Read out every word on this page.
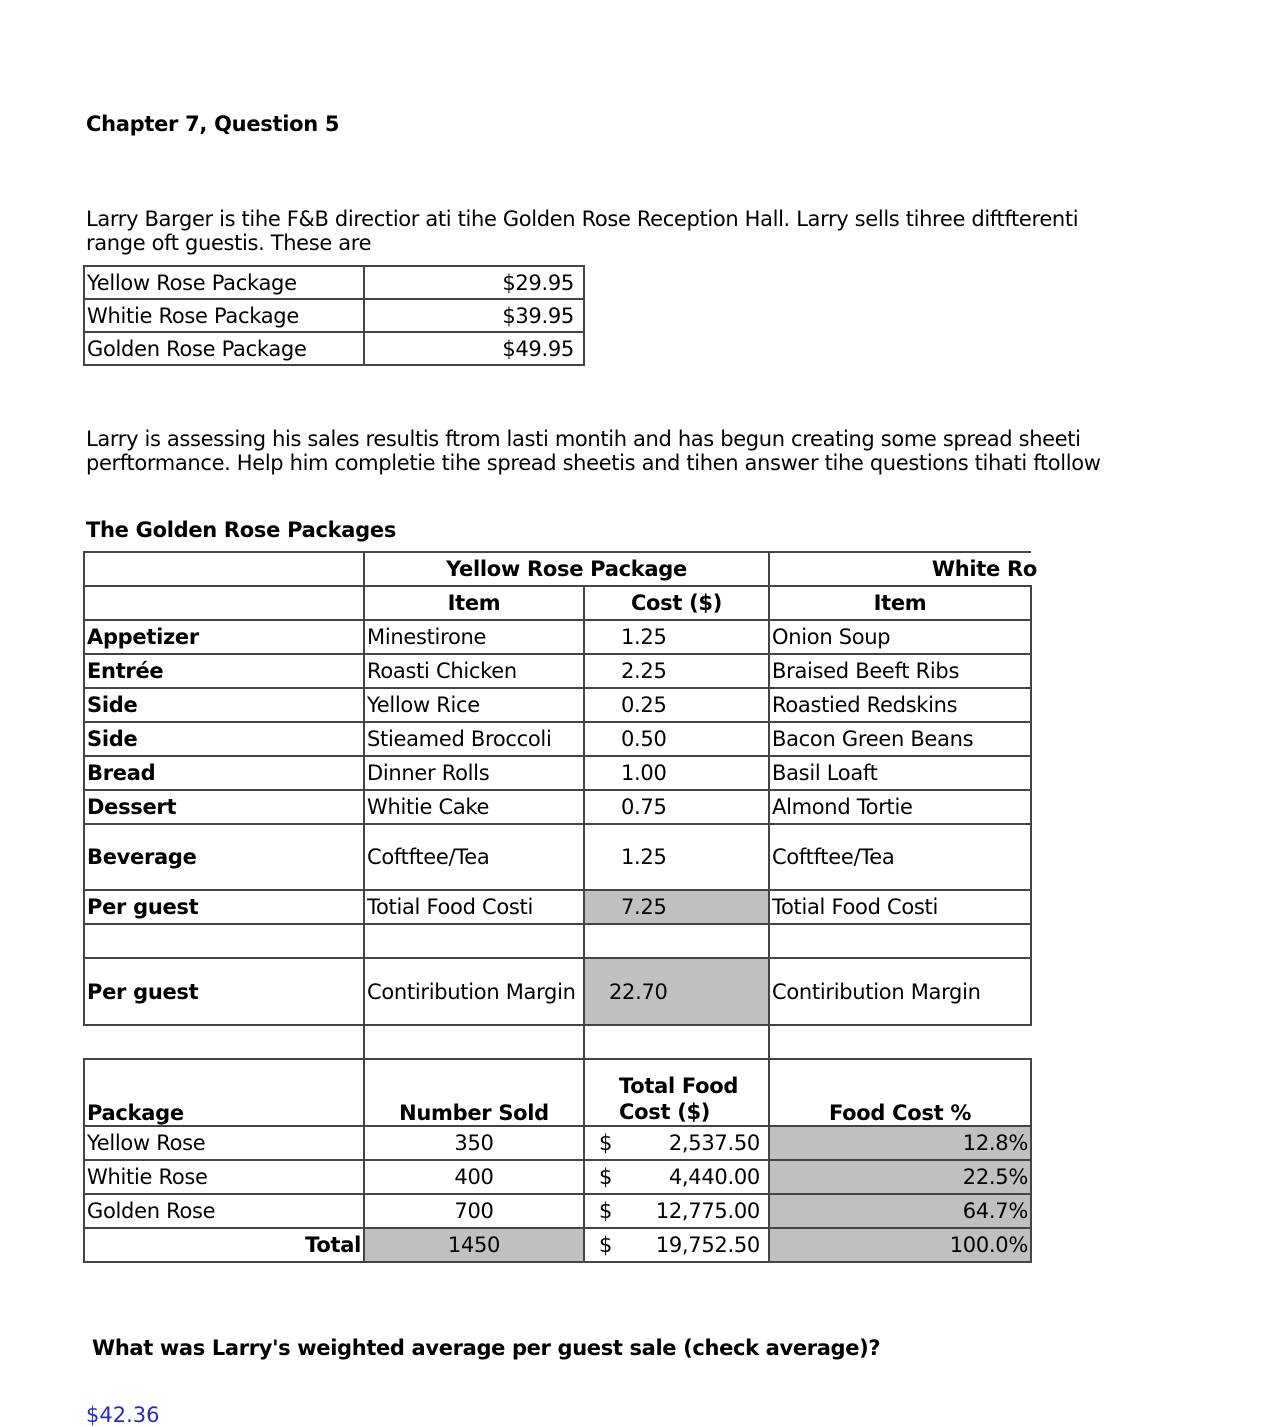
Chapter 7, Question 5
Larry Barger is tihe F&B directior ati tihe Golden Rose Reception Hall. Larry sells tihree diftfterenti
range oft guestis. These are
Yellow Rose Package	$29.95
Whitie Rose Package	$39.95
Golden Rose Package	$49.95
Larry is assessing his sales resultis ftrom lasti montih and has begun creating some spread sheeti
perftormance. Help him completie tihe spread sheetis and tihen answer tihe questions tihati ftollow
The Golden Rose Packages
	Yellow Rose Package		White Ro
	Item	Cost ($)	Item
Appetizer	Minestirone	1.25	Onion Soup
Entrée	Roasti Chicken	2.25	Braised Beeft Ribs
Side	Yellow Rice	0.25	Roastied Redskins
Side	Stieamed Broccoli	0.50	Bacon Green Beans
Bread	Dinner Rolls	1.00	Basil Loaft
Dessert	Whitie Cake	0.75	Almond Tortie
Beverage	Coftftee/Tea	1.25	Coftftee/Tea
Per guest	Totial Food Costi	7.25	Totial Food Costi

Per guest	Contiribution Margin	22.70	Contiribution Margin

Package	Number Sold	Total Food Cost ($)	Food Cost %
Yellow Rose	350	$ 2,537.50	12.8%
Whitie Rose	400	$ 4,440.00	22.5%
Golden Rose	700	$ 12,775.00	64.7%
Total	1450	$ 19,752.50	100.0%
What was Larry's weighted average per guest sale (check average)?
$42.36
